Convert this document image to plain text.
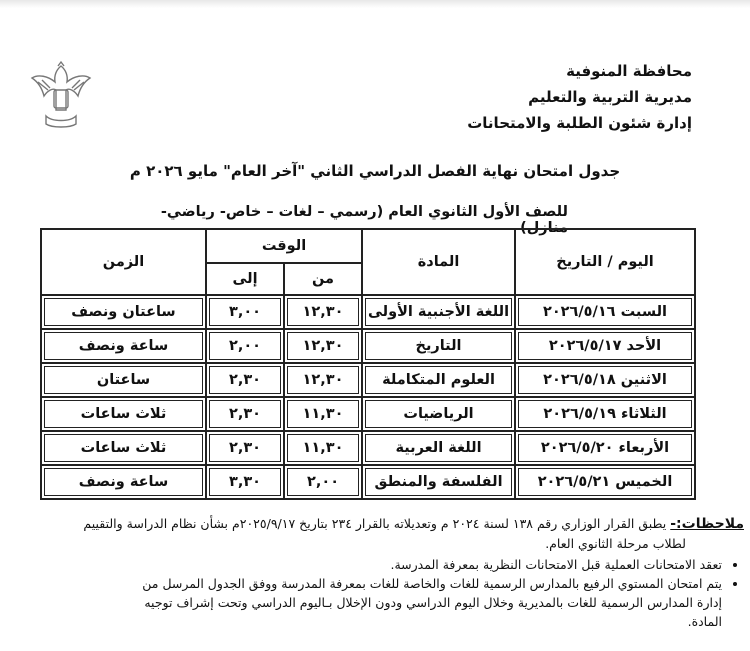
محافظة المنوفية
مديرية التربية والتعليم
إدارة شئون الطلبة والامتحانات
جدول امتحان نهاية الفصل الدراسي الثاني "آخر العام" مايو ٢٠٢٦ م
للصف الأول الثانوي العام (رسمي – لغات – خاص- رياضي- منازل)
اليوم / التاريخ	المادة	الوقت		الزمن
		من	إلى	

السبت ٢٠٢٦/٥/١٦	اللغة الأجنبية الأولى	١٢,٣٠	٣,٠٠	ساعتان ونصف

الأحد ٢٠٢٦/٥/١٧	التاريخ	١٢,٣٠	٢,٠٠	ساعة ونصف

الاثنين ٢٠٢٦/٥/١٨	العلوم المتكاملة	١٢,٣٠	٢,٣٠	ساعتان

الثلاثاء ٢٠٢٦/٥/١٩	الرياضيات	١١,٣٠	٢,٣٠	ثلاث ساعات

الأربعاء ٢٠٢٦/٥/٢٠	اللغة العربية	١١,٣٠	٢,٣٠	ثلاث ساعات

الخميس ٢٠٢٦/٥/٢١	الفلسفة والمنطق	٢,٠٠	٣,٣٠	ساعة ونصف
ملاحظات:- يطبق القرار الوزاري رقم ١٣٨ لسنة ٢٠٢٤ م وتعديلاته بالقرار ٢٣٤ بتاريخ ٢٠٢٥/٩/١٧م بشأن نظام الدراسة والتقييم
لطلاب مرحلة الثانوي العام.
• تعقد الامتحانات العملية قبل الامتحانات النظرية بمعرفة المدرسة.
• يتم امتحان المستوي الرفيع بالمدارس الرسمية للغات والخاصة للغات بمعرفة المدرسة ووفق الجدول المرسل من
إدارة المدارس الرسمية للغات بالمديرية وخلال اليوم الدراسي ودون الإخلال بـاليوم الدراسي وتحت إشراف توجيه
المادة.
